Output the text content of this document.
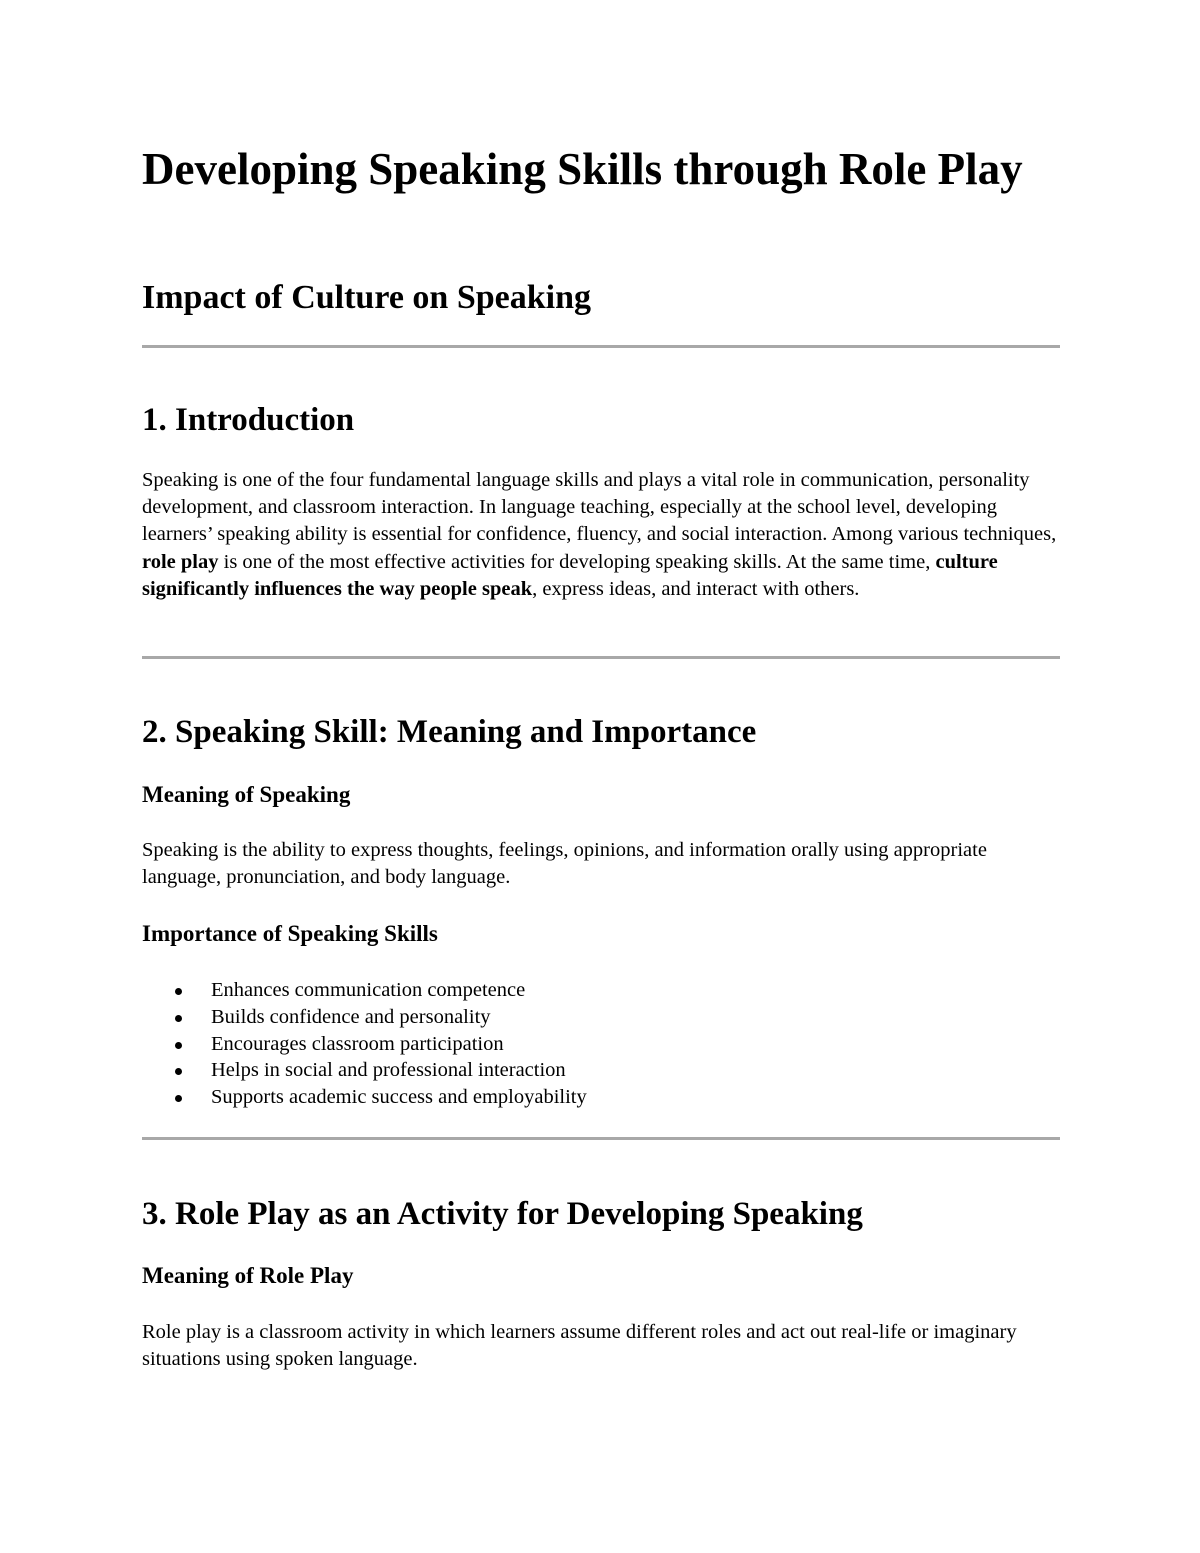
Developing Speaking Skills through Role Play
Impact of Culture on Speaking
1. Introduction

Speaking is one of the four fundamental language skills and plays a vital role in communication, personality development, and classroom interaction. In language teaching, especially at the school level, developing learners’ speaking ability is essential for confidence, fluency, and social interaction. Among various techniques, role play is one of the most effective activities for developing speaking skills. At the same time, culture significantly influences the way people speak, express ideas, and interact with others.

2. Speaking Skill: Meaning and Importance
Meaning of Speaking

Speaking is the ability to express thoughts, feelings, opinions, and information orally using appropriate language, pronunciation, and body language.

Importance of Speaking Skills
Enhances communication competence
Builds confidence and personality
Encourages classroom participation
Helps in social and professional interaction
Supports academic success and employability
3. Role Play as an Activity for Developing Speaking
Meaning of Role Play

Role play is a classroom activity in which learners assume different roles and act out real-life or imaginary situations using spoken language.
